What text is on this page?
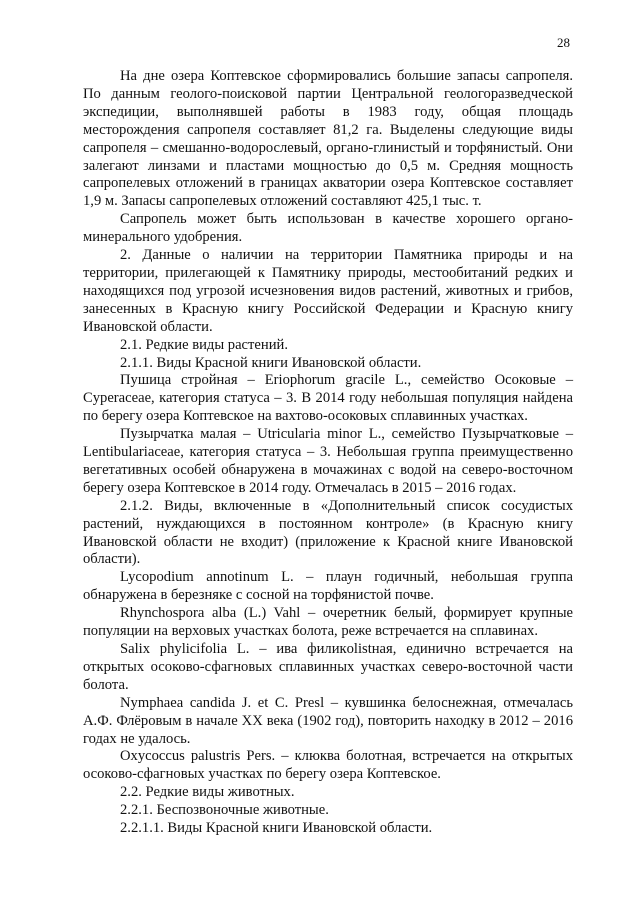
28

На дне озера Коптевское сформировались большие запасы сапропеля. По данным геолого-поисковой партии Центральной геологоразведческой экспедиции, выполнявшей работы в 1983 году, общая площадь месторождения сапропеля составляет 81,2 га. Выделены следующие виды сапропеля – смешанно-водорослевый, органо-глинистый и торфянистый. Они залегают линзами и пластами мощностью до 0,5 м. Средняя мощность сапропелевых отложений в границах акватории озера Коптевское составляет 1,9 м. Запасы сапропелевых отложений составляют 425,1 тыс. т.

Сапропель может быть использован в качестве хорошего органо-минерального удобрения.

2. Данные о наличии на территории Памятника природы и на территории, прилегающей к Памятнику природы, местообитаний редких и находящихся под угрозой исчезновения видов растений, животных и грибов, занесенных в Красную книгу Российской Федерации и Красную книгу Ивановской области.

2.1. Редкие виды растений.

2.1.1. Виды Красной книги Ивановской области.

Пушица стройная – Eriophorum gracile L., семейство Осоковые – Cyperaceae, категория статуса – 3. В 2014 году небольшая популяция найдена по берегу озера Коптевское на вахтово-осоковых сплавинных участках.

Пузырчатка малая – Utricularia minor L., семейство Пузырчатковые – Lentibulariaceae, категория статуса – 3. Небольшая группа преимущественно вегетативных особей обнаружена в мочажинах с водой на северо-восточном берегу озера Коптевское в 2014 году. Отмечалась в 2015 – 2016 годах.

2.1.2. Виды, включенные в «Дополнительный список сосудистых растений, нуждающихся в постоянном контроле» (в Красную книгу Ивановской области не входит) (приложение к Красной книге Ивановской области).

Lycopodium annotinum L. – плаун годичный, небольшая группа обнаружена в березняке с сосной на торфянистой почве.

Rhynchospora alba (L.) Vahl – очеретник белый, формирует крупные популяции на верховых участках болота, реже встречается на сплавинах.

Salix phylicifolia L. – ива филикolistная, единично встречается на открытых осоково-сфагновых сплавинных участках северо-восточной части болота.

Nymphaea candida J. et C. Presl – кувшинка белоснежная, отмечалась А.Ф. Флёровым в начале XX века (1902 год), повторить находку в 2012 – 2016 годах не удалось.

Oxycoccus palustris Pers. – клюква болотная, встречается на открытых осоково-сфагновых участках по берегу озера Коптевское.

2.2. Редкие виды животных.

2.2.1. Беспозвоночные животные.

2.2.1.1. Виды Красной книги Ивановской области.
